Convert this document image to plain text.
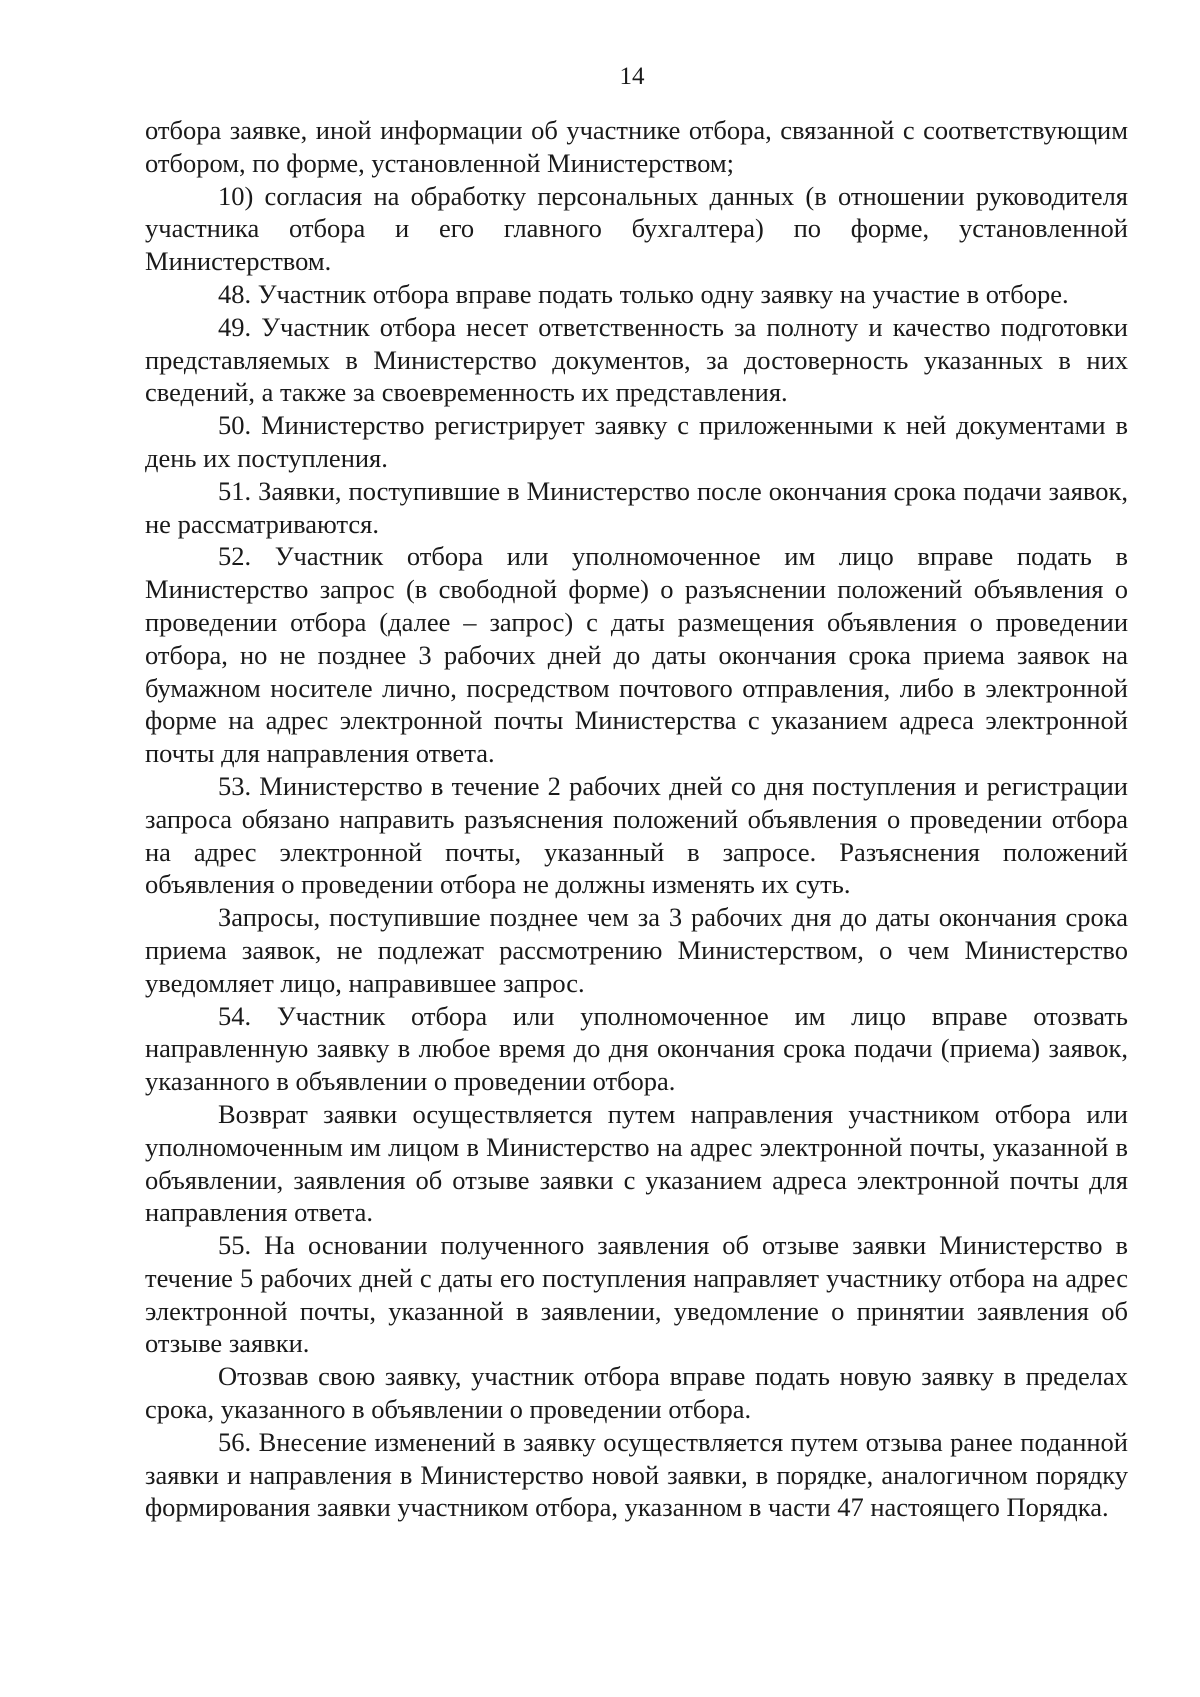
14

отбора заявке, иной информации об участнике отбора, связанной с соответствующим отбором, по форме, установленной Министерством;

10) согласия на обработку персональных данных (в отношении руководителя участника отбора и его главного бухгалтера) по форме, установленной Министерством.

48. Участник отбора вправе подать только одну заявку на участие в отборе.

49. Участник отбора несет ответственность за полноту и качество подготовки представляемых в Министерство документов, за достоверность указанных в них сведений, а также за своевременность их представления.

50. Министерство регистрирует заявку с приложенными к ней документами в день их поступления.

51. Заявки, поступившие в Министерство после окончания срока подачи заявок, не рассматриваются.

52. Участник отбора или уполномоченное им лицо вправе подать в Министерство запрос (в свободной форме) о разъяснении положений объявления о проведении отбора (далее – запрос) с даты размещения объявления о проведении отбора, но не позднее 3 рабочих дней до даты окончания срока приема заявок на бумажном носителе лично, посредством почтового отправления, либо в электронной форме на адрес электронной почты Министерства с указанием адреса электронной почты для направления ответа.

53. Министерство в течение 2 рабочих дней со дня поступления и регистрации запроса обязано направить разъяснения положений объявления о проведении отбора на адрес электронной почты, указанный в запросе. Разъяснения положений объявления о проведении отбора не должны изменять их суть.

Запросы, поступившие позднее чем за 3 рабочих дня до даты окончания срока приема заявок, не подлежат рассмотрению Министерством, о чем Министерство уведомляет лицо, направившее запрос.

54. Участник отбора или уполномоченное им лицо вправе отозвать направленную заявку в любое время до дня окончания срока подачи (приема) заявок, указанного в объявлении о проведении отбора.

Возврат заявки осуществляется путем направления участником отбора или уполномоченным им лицом в Министерство на адрес электронной почты, указанной в объявлении, заявления об отзыве заявки с указанием адреса электронной почты для направления ответа.

55. На основании полученного заявления об отзыве заявки Министерство в течение 5 рабочих дней с даты его поступления направляет участнику отбора на адрес электронной почты, указанной в заявлении, уведомление о принятии заявления об отзыве заявки.

Отозвав свою заявку, участник отбора вправе подать новую заявку в пределах срока, указанного в объявлении о проведении отбора.

56. Внесение изменений в заявку осуществляется путем отзыва ранее поданной заявки и направления в Министерство новой заявки, в порядке, аналогичном порядку формирования заявки участником отбора, указанном в части 47 настоящего Порядка.
